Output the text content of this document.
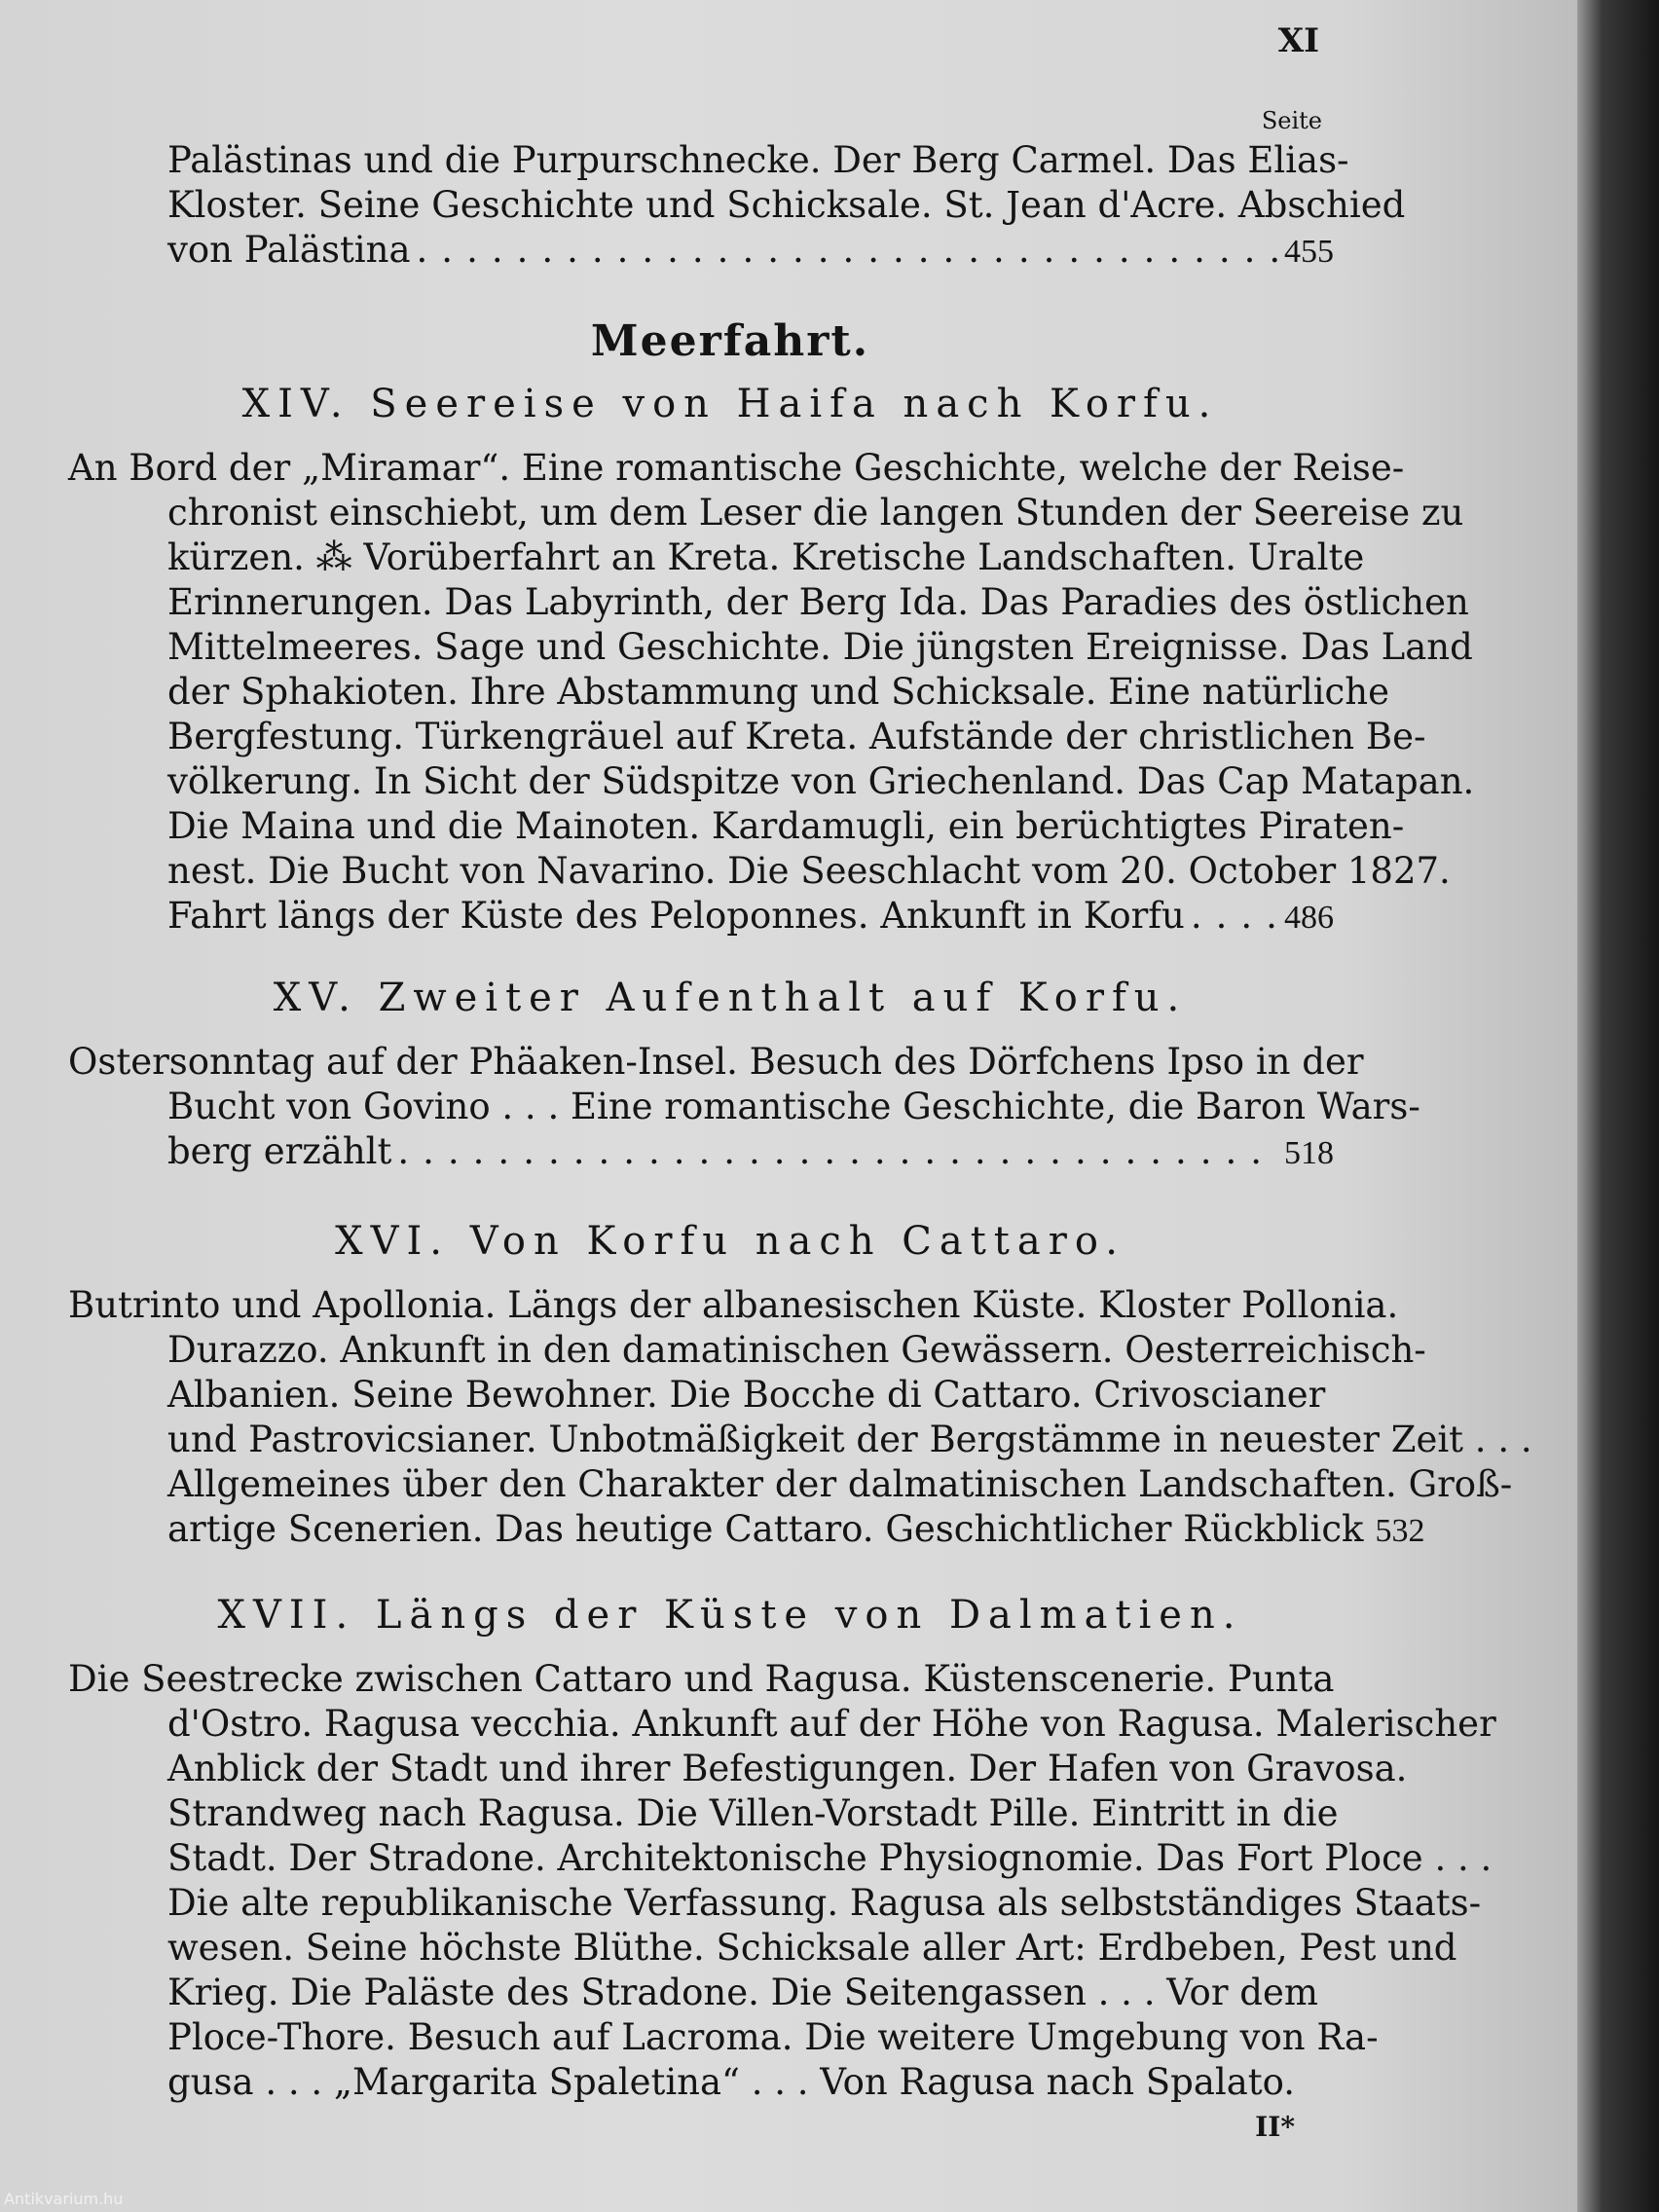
XI
Seite
Palästinas und die Purpurschnecke. Der Berg Carmel. Das Elias-
Kloster. Seine Geschichte und Schicksale. St. Jean d'Acre. Abschied
von Palästina .....	455
Meerfahrt.
XIV. Seereise von Haifa nach Korfu.
An Bord der „Miramar“. Eine romantische Geschichte, welche der Reise-
chronist einschiebt, um dem Leser die langen Stunden der Seereise zu
kürzen. ⁂ Vorüberfahrt an Kreta. Kretische Landschaften. Uralte
Erinnerungen. Das Labyrinth, der Berg Ida. Das Paradies des östlichen
Mittelmeeres. Sage und Geschichte. Die jüngsten Ereignisse. Das Land
der Sphakioten. Ihre Abstammung und Schicksale. Eine natürliche
Bergfestung. Türkengräuel auf Kreta. Aufstände der christlichen Be-
völkerung. In Sicht der Südspitze von Griechenland. Das Cap Matapan.
Die Maina und die Mainoten. Kardamugli, ein berüchtigtes Piraten-
nest. Die Bucht von Navarino. Die Seeschlacht vom 20. October 1827.
Fahrt längs der Küste des Peloponnes. Ankunft in Korfu .....	486
XV. Zweiter Aufenthalt auf Korfu.
Ostersonntag auf der Phäaken-Insel. Besuch des Dörfchens Ipso in der
Bucht von Govino . . . Eine romantische Geschichte, die Baron Wars-
berg erzählt .....	518
XVI. Von Korfu nach Cattaro.
Butrinto und Apollonia. Längs der albanesischen Küste. Kloster Pollonia.
Durazzo. Ankunft in den damatinischen Gewässern. Oesterreichisch-
Albanien. Seine Bewohner. Die Bocche di Cattaro. Crivoscianer
und Pastrovicsianer. Unbotmäßigkeit der Bergstämme in neuester Zeit . . .
Allgemeines über den Charakter der dalmatinischen Landschaften. Groß-
artige Scenerien. Das heutige Cattaro. Geschichtlicher Rückblick 532
XVII. Längs der Küste von Dalmatien.
Die Seestrecke zwischen Cattaro und Ragusa. Küstenscenerie. Punta
d'Ostro. Ragusa vecchia. Ankunft auf der Höhe von Ragusa. Malerischer
Anblick der Stadt und ihrer Befestigungen. Der Hafen von Gravosa.
Strandweg nach Ragusa. Die Villen-Vorstadt Pille. Eintritt in die
Stadt. Der Stradone. Architektonische Physiognomie. Das Fort Ploce . . .
Die alte republikanische Verfassung. Ragusa als selbstständiges Staats-
wesen. Seine höchste Blüthe. Schicksale aller Art: Erdbeben, Pest und
Krieg. Die Paläste des Stradone. Die Seitengassen . . . Vor dem
Ploce-Thore. Besuch auf Lacroma. Die weitere Umgebung von Ra-
gusa . . . „Margarita Spaletina“ . . . Von Ragusa nach Spalato.
II*
Antikvarium.hu
